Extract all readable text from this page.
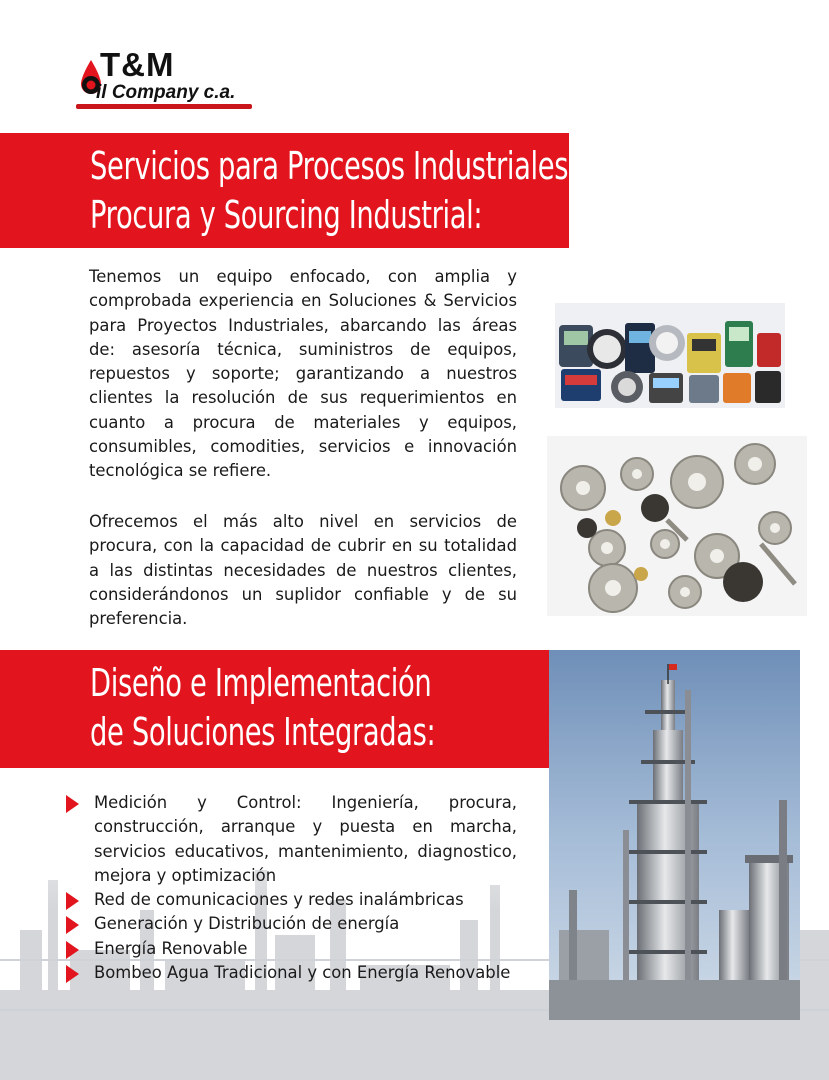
T&M
il Company c.a.
Servicios para Procesos Industriales
Procura y Sourcing Industrial:

Tenemos un equipo enfocado, con amplia y comprobada experiencia en Soluciones & Servicios para Proyectos Industriales, abarcando las áreas de: asesoría técnica, suministros de equipos, repuestos y soporte; garantizando a nuestros clientes la resolución de sus requerimientos en cuanto a procura de materiales y equipos, consumibles, comodities, servicios e innovación tecnológica se refiere.

Ofrecemos el más alto nivel en servicios de procura, con la capacidad de cubrir en su totalidad a las distintas necesidades de nuestros clientes, considerándonos un suplidor confiable y de su preferencia.

Diseño e Implementación
de Soluciones Integradas:

Medición y Control: Ingeniería, procura, construcción, arranque y puesta en marcha, servicios educativos, mantenimiento, diagnostico, mejora y optimización

Red de comunicaciones y redes inalámbricas

Generación y Distribución de energía

Energía Renovable

Bombeo Agua Tradicional y con Energía Renovable
